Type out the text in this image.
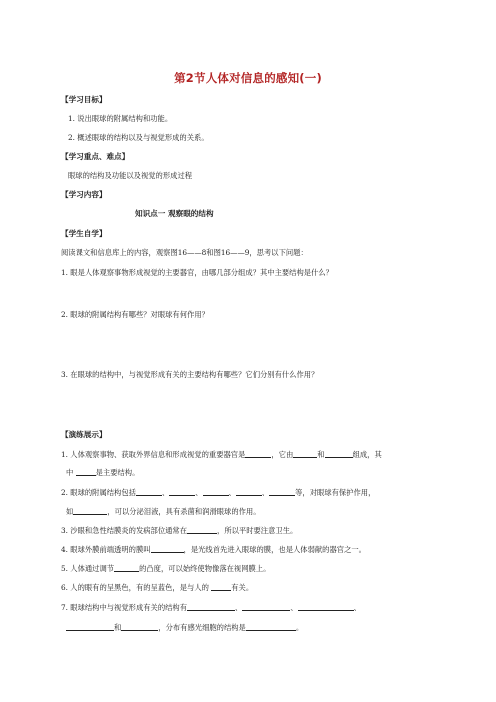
第2节人体对信息的感知(一)
【学习目标】
1. 说出眼球的附属结构和功能。
2. 概述眼球的结构以及与视觉形成的关系。
【学习重点、难点】
眼球的结构及功能以及视觉的形成过程
【学习内容】
知识点一 观察眼的结构
【学生自学】
阅读课文和信息库上的内容，观察图16——8和图16——9，思考以下问题：
1. 眼是人体观察事物形成视觉的主要器官，由哪几部分组成？其中主要结构是什么？
2. 眼球的附属结构有哪些？对眼球有何作用？
3. 在眼球的结构中，与视觉形成有关的主要结构有哪些？它们分别有什么作用？
【演练展示】
1. 人体观察事物、获取外界信息和形成视觉的重要器官是	，它由	和	组成，其
中	是主要结构。
2. 眼球的附属结构包括	、	、	、	、	等，对眼球有保护作用，
如	，可以分泌泪液，具有杀菌和润滑眼球的作用。
3. 沙眼和急性结膜炎的发病部位通常在	，所以平时要注意卫生。
4. 眼球外膜前端透明的膜叫	，是光线首先进入眼球的膜，也是人体弱献的器官之一。
5. 人体通过调节	的凸度，可以始终使物像落在视网膜上。
6. 人的眼有的呈黑色，有的呈蓝色，是与人的	有关。
7. 眼球结构中与视觉形成有关的结构有	、	、	、
和	，分布有感光细胞的结构是	。
